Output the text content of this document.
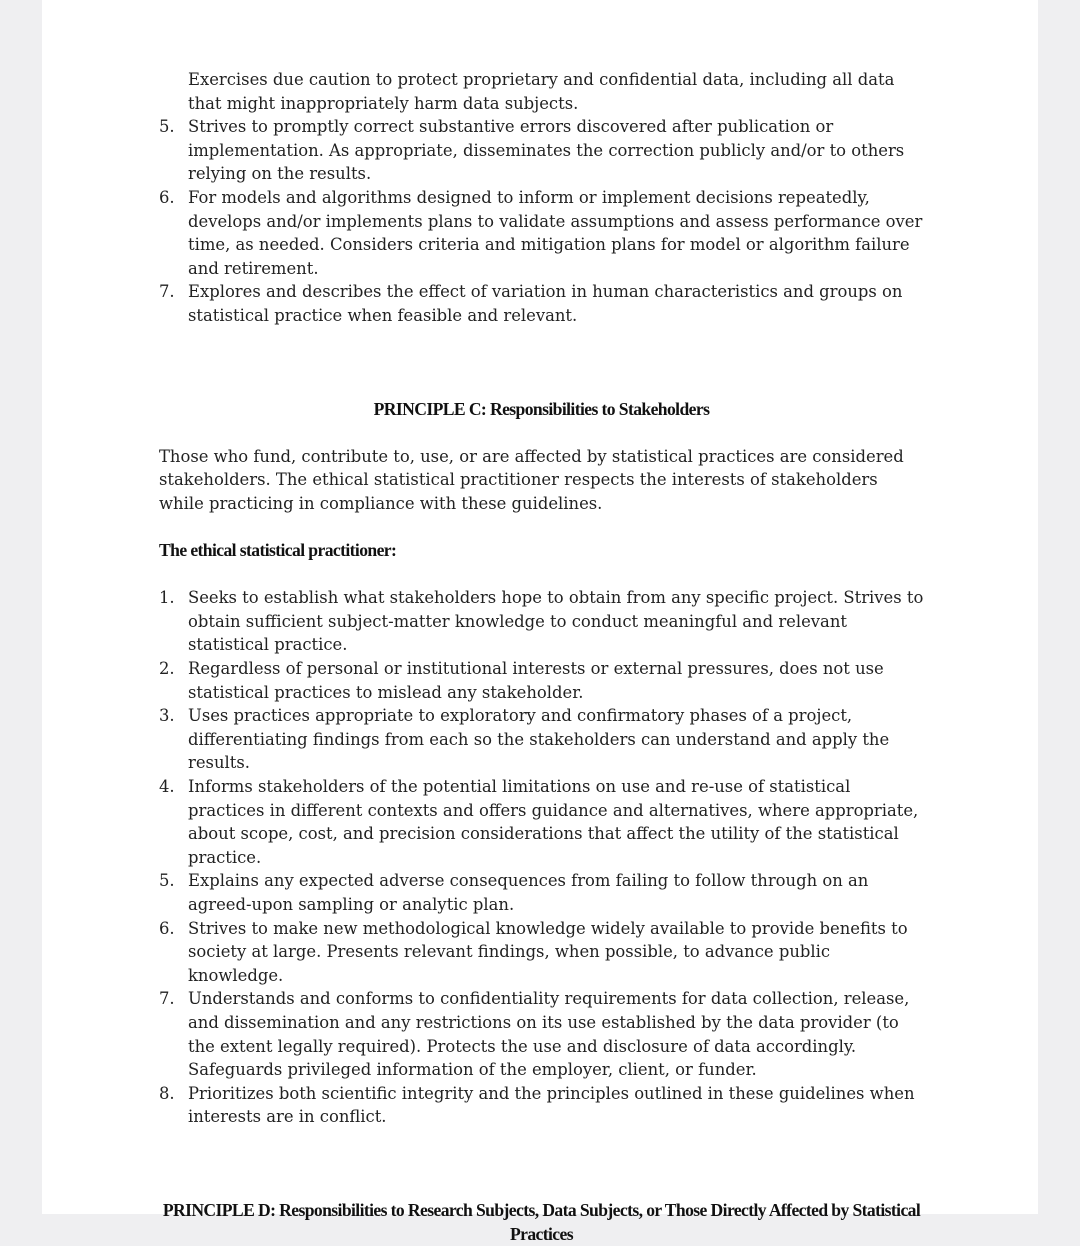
Exercises due caution to protect proprietary and confidential data, including all data that might inappropriately harm data subjects.

5. Strives to promptly correct substantive errors discovered after publication or implementation. As appropriate, disseminates the correction publicly and/or to others relying on the results.
6. For models and algorithms designed to inform or implement decisions repeatedly, develops and/or implements plans to validate assumptions and assess performance over time, as needed. Considers criteria and mitigation plans for model or algorithm failure and retirement.
7. Explores and describes the effect of variation in human characteristics and groups on statistical practice when feasible and relevant.
PRINCIPLE C: Responsibilities to Stakeholders

Those who fund, contribute to, use, or are affected by statistical practices are considered stakeholders. The ethical statistical practitioner respects the interests of stakeholders while practicing in compliance with these guidelines.

The ethical statistical practitioner:
1. Seeks to establish what stakeholders hope to obtain from any specific project. Strives to obtain sufficient subject-matter knowledge to conduct meaningful and relevant statistical practice.
2. Regardless of personal or institutional interests or external pressures, does not use statistical practices to mislead any stakeholder.
3. Uses practices appropriate to exploratory and confirmatory phases of a project, differentiating findings from each so the stakeholders can understand and apply the results.
4. Informs stakeholders of the potential limitations on use and re-use of statistical practices in different contexts and offers guidance and alternatives, where appropriate, about scope, cost, and precision considerations that affect the utility of the statistical practice.
5. Explains any expected adverse consequences from failing to follow through on an agreed-upon sampling or analytic plan.
6. Strives to make new methodological knowledge widely available to provide benefits to society at large. Presents relevant findings, when possible, to advance public knowledge.
7. Understands and conforms to confidentiality requirements for data collection, release, and dissemination and any restrictions on its use established by the data provider (to the extent legally required). Protects the use and disclosure of data accordingly. Safeguards privileged information of the employer, client, or funder.
8. Prioritizes both scientific integrity and the principles outlined in these guidelines when interests are in conflict.
PRINCIPLE D: Responsibilities to Research Subjects, Data Subjects, or Those Directly Affected by Statistical Practices
